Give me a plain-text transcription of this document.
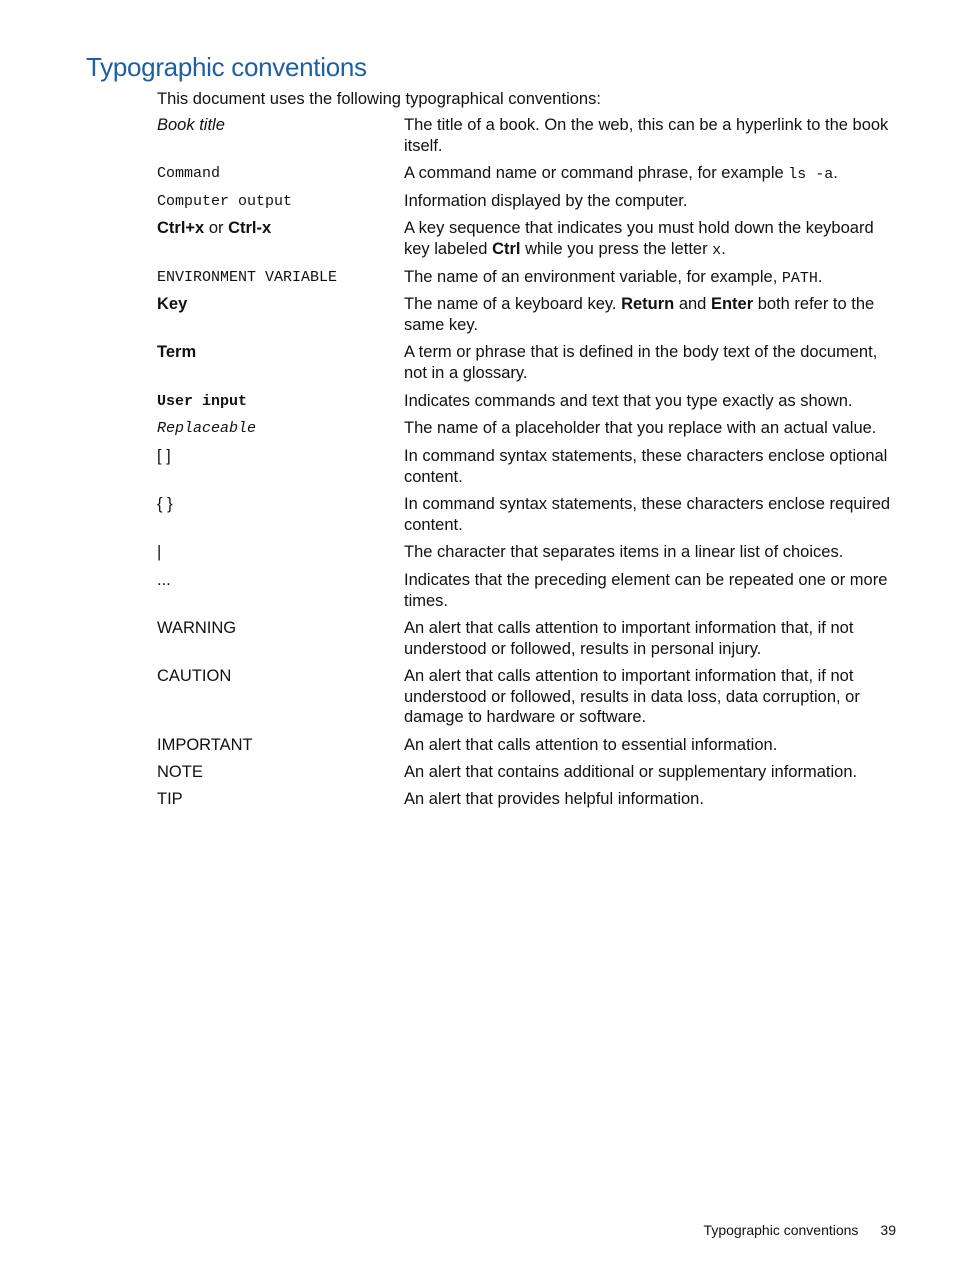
Typographic conventions
This document uses the following typographical conventions:
Book title	The title of a book. On the web, this can be a hyperlink to the book itself.
Command	A command name or command phrase, for example ls -a.
Computer output	Information displayed by the computer.
Ctrl+x or Ctrl-x	A key sequence that indicates you must hold down the keyboard key labeled Ctrl while you press the letter x.
ENVIRONMENT VARIABLE	The name of an environment variable, for example, PATH.
Key	The name of a keyboard key. Return and Enter both refer to the same key.
Term	A term or phrase that is defined in the body text of the document, not in a glossary.
User input	Indicates commands and text that you type exactly as shown.
Replaceable	The name of a placeholder that you replace with an actual value.
[ ]	In command syntax statements, these characters enclose optional content.
{ }	In command syntax statements, these characters enclose required content.
|	The character that separates items in a linear list of choices.
...	Indicates that the preceding element can be repeated one or more times.
WARNING	An alert that calls attention to important information that, if not understood or followed, results in personal injury.
CAUTION	An alert that calls attention to important information that, if not understood or followed, results in data loss, data corruption, or damage to hardware or software.
IMPORTANT	An alert that calls attention to essential information.
NOTE	An alert that contains additional or supplementary information.
TIP	An alert that provides helpful information.
Typographic conventions 39
